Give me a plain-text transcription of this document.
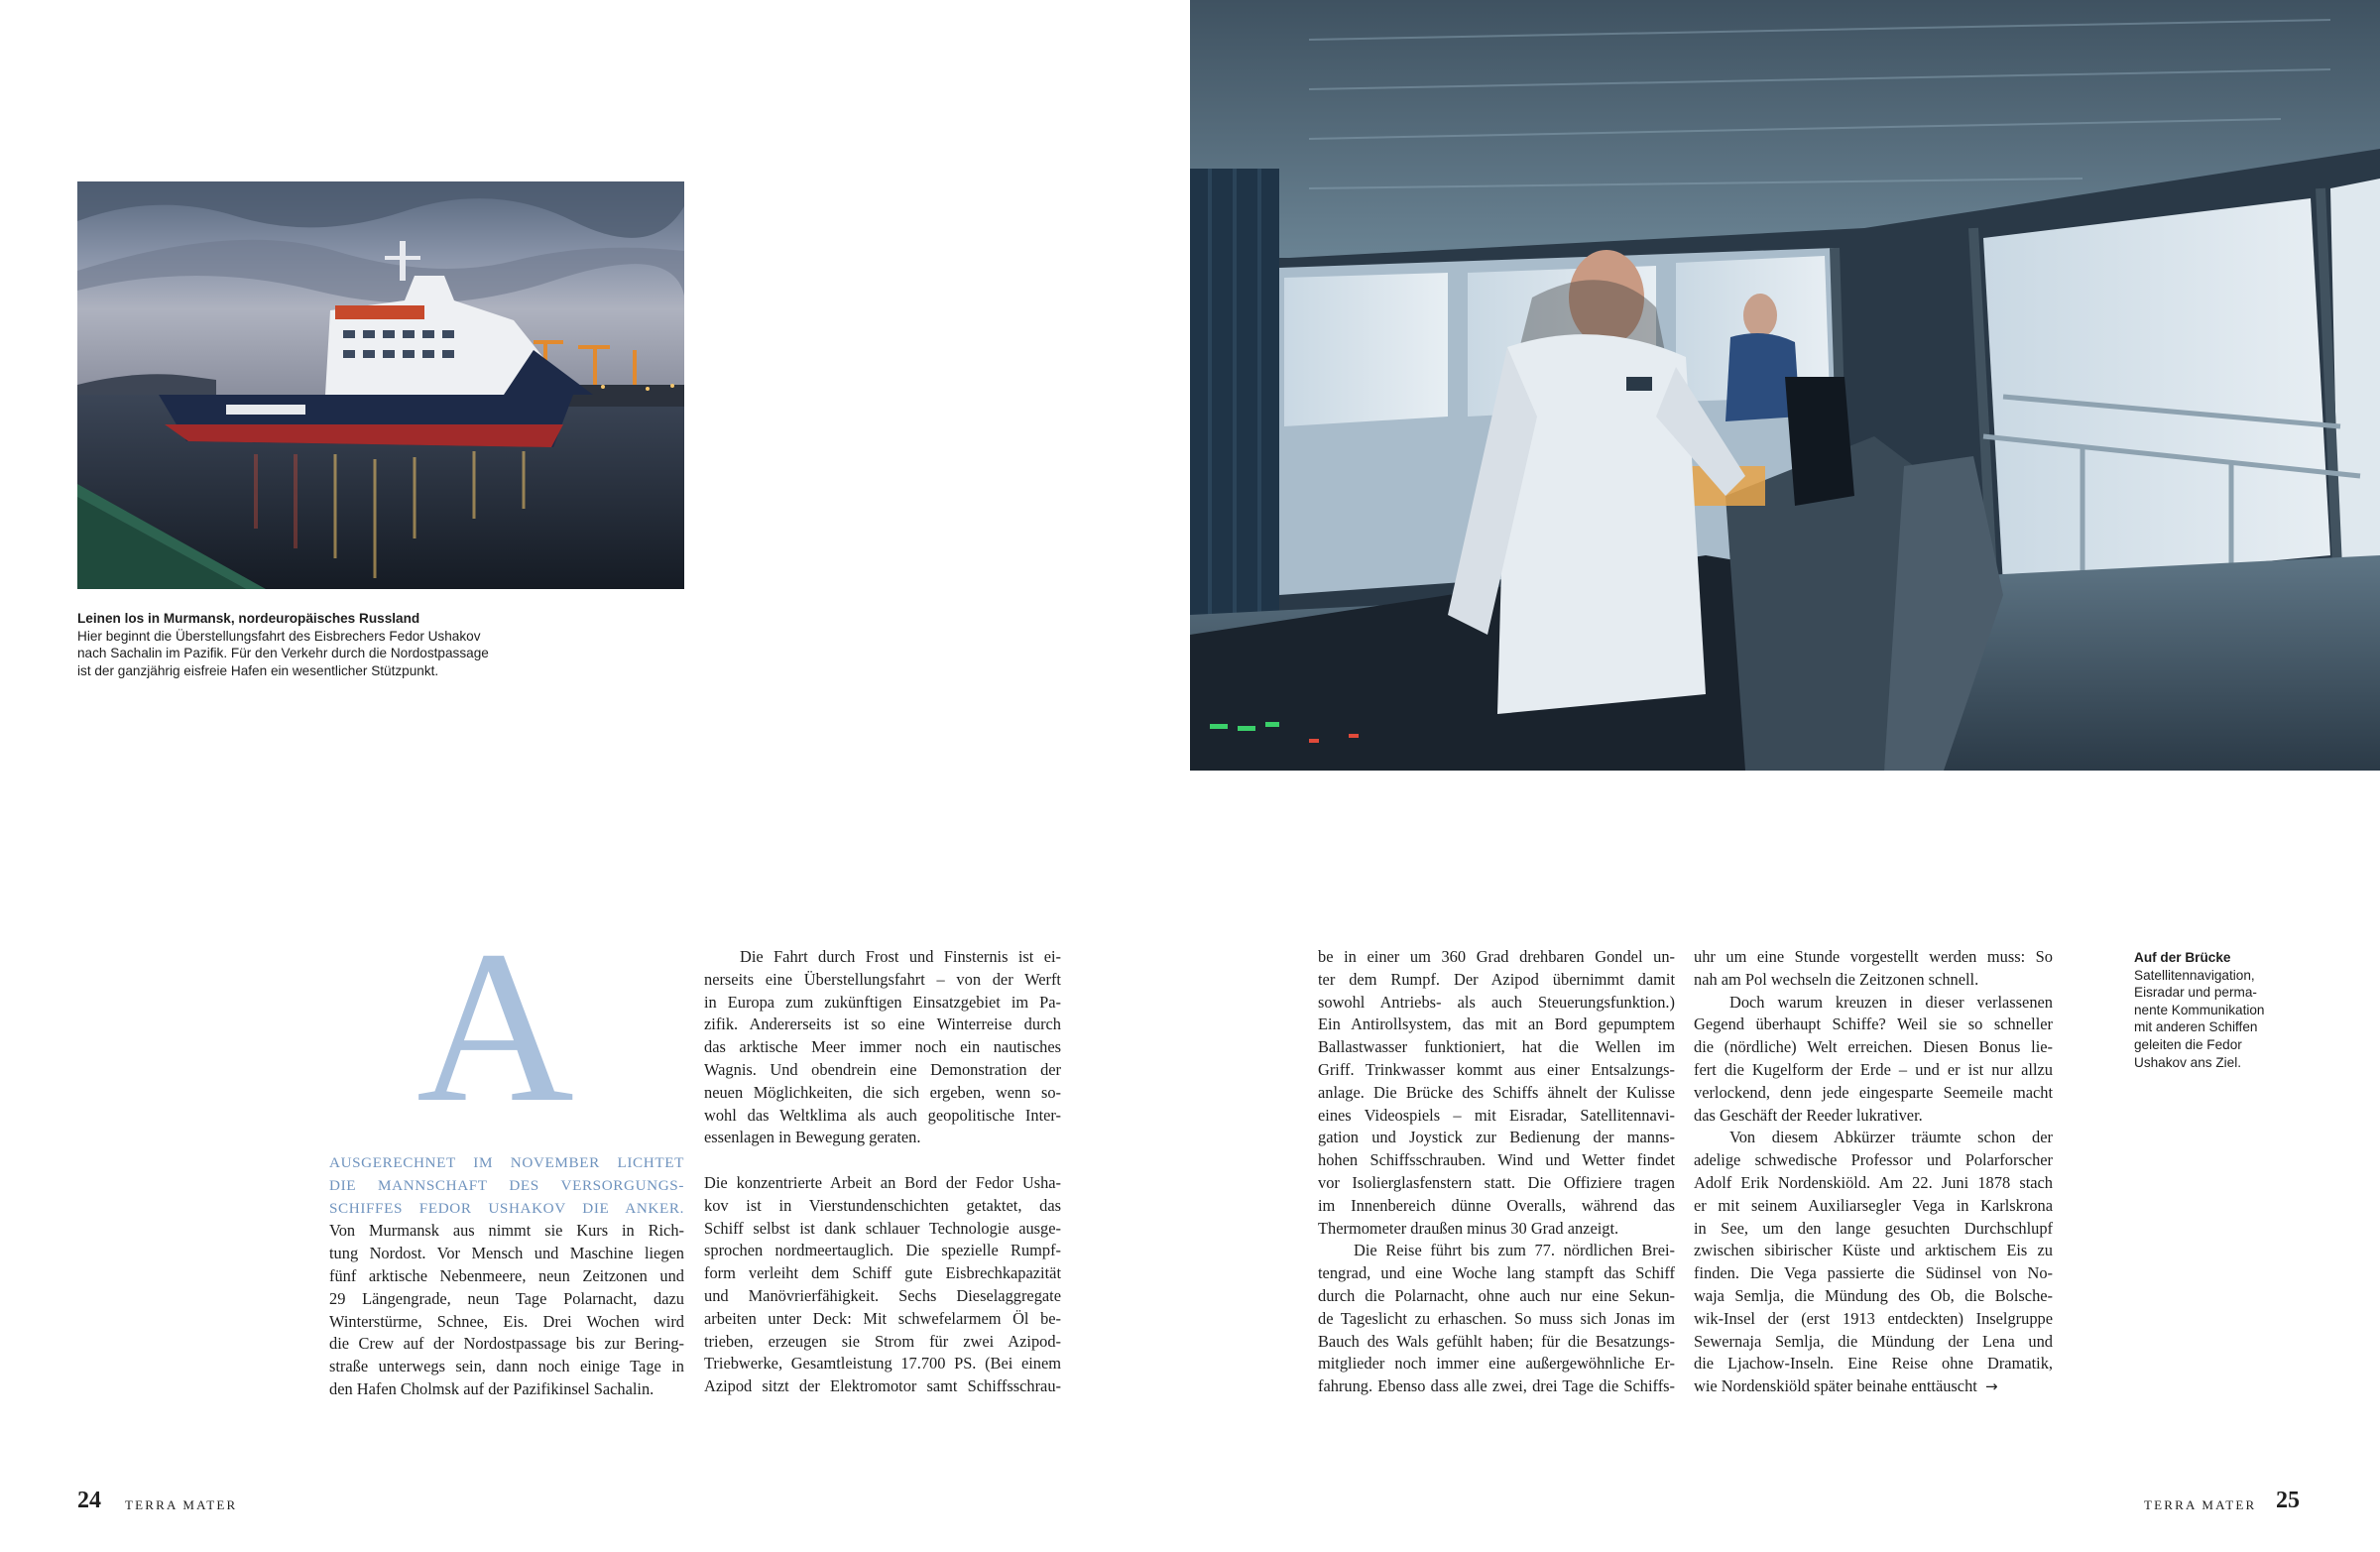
Leinen los in Murmansk, nordeuropäisches Russland
Hier beginnt die Überstellungsfahrt des Eisbrechers Fedor Ushakov
nach Sachalin im Pazifik. Für den Verkehr durch die Nordostpassage
ist der ganzjährig eisfreie Hafen ein wesentlicher Stützpunkt.
A
AUSGERECHNET IM NOVEMBER LICHTET
DIE MANNSCHAFT DES VERSORGUNGS-
SCHIFFES FEDOR USHAKOV DIE ANKER.
Von Murmansk aus nimmt sie Kurs in Rich-
tung Nordost. Vor Mensch und Maschine liegen
fünf arktische Nebenmeere, neun Zeitzonen und
29 Längengrade, neun Tage Polarnacht, dazu
Winterstürme, Schnee, Eis. Drei Wochen wird
die Crew auf der Nordostpassage bis zur Bering-
straße unterwegs sein, dann noch einige Tage in
den Hafen Cholmsk auf der Pazifikinsel Sachalin.
Die Fahrt durch Frost und Finsternis ist ei-
nerseits eine Überstellungsfahrt – von der Werft
in Europa zum zukünftigen Einsatzgebiet im Pa-
zifik. Andererseits ist so eine Winterreise durch
das arktische Meer immer noch ein nautisches
Wagnis. Und obendrein eine Demonstration der
neuen Möglichkeiten, die sich ergeben, wenn so-
wohl das Weltklima als auch geopolitische Inter-
essenlagen in Bewegung geraten.
Die konzentrierte Arbeit an Bord der Fedor Usha-
kov ist in Vierstundenschichten getaktet, das
Schiff selbst ist dank schlauer Technologie ausge-
sprochen nordmeertauglich. Die spezielle Rumpf-
form verleiht dem Schiff gute Eisbrechkapazität
und Manövrierfähigkeit. Sechs Dieselaggregate
arbeiten unter Deck: Mit schwefelarmem Öl be-
trieben, erzeugen sie Strom für zwei Azipod-
Triebwerke, Gesamtleistung 17.700 PS. (Bei einem
Azipod sitzt der Elektromotor samt Schiffsschrau-
be in einer um 360 Grad drehbaren Gondel un-
ter dem Rumpf. Der Azipod übernimmt damit
sowohl Antriebs- als auch Steuerungsfunktion.)
Ein Antirollsystem, das mit an Bord gepumptem
Ballastwasser funktioniert, hat die Wellen im
Griff. Trinkwasser kommt aus einer Entsalzungs-
anlage. Die Brücke des Schiffs ähnelt der Kulisse
eines Videospiels – mit Eisradar, Satellitennavi-
gation und Joystick zur Bedienung der manns-
hohen Schiffsschrauben. Wind und Wetter findet
vor Isolierglasfenstern statt. Die Offiziere tragen
im Innenbereich dünne Overalls, während das
Thermometer draußen minus 30 Grad anzeigt.
Die Reise führt bis zum 77. nördlichen Brei-
tengrad, und eine Woche lang stampft das Schiff
durch die Polarnacht, ohne auch nur eine Sekun-
de Tageslicht zu erhaschen. So muss sich Jonas im
Bauch des Wals gefühlt haben; für die Besatzungs-
mitglieder noch immer eine außergewöhnliche Er-
fahrung. Ebenso dass alle zwei, drei Tage die Schiffs-
uhr um eine Stunde vorgestellt werden muss: So
nah am Pol wechseln die Zeitzonen schnell.
Doch warum kreuzen in dieser verlassenen
Gegend überhaupt Schiffe? Weil sie so schneller
die (nördliche) Welt erreichen. Diesen Bonus lie-
fert die Kugelform der Erde – und er ist nur allzu
verlockend, denn jede eingesparte Seemeile macht
das Geschäft der Reeder lukrativer.
Von diesem Abkürzer träumte schon der
adelige schwedische Professor und Polarforscher
Adolf Erik Nordenskiöld. Am 22. Juni 1878 stach
er mit seinem Auxiliarsegler Vega in Karlskrona
in See, um den lange gesuchten Durchschlupf
zwischen sibirischer Küste und arktischem Eis zu
finden. Die Vega passierte die Südinsel von No-
waja Semlja, die Mündung des Ob, die Bolsche-
wik-Insel der (erst 1913 entdeckten) Inselgruppe
Sewernaja Semlja, die Mündung der Lena und
die Ljachow-Inseln. Eine Reise ohne Dramatik,
wie Nordenskiöld später beinahe enttäuscht →
Auf der Brücke
Satellitennavigation,
Eisradar und perma-
nente Kommunikation
mit anderen Schiffen
geleiten die Fedor
Ushakov ans Ziel.
24 TERRA MATER	TERRA MATER 25
